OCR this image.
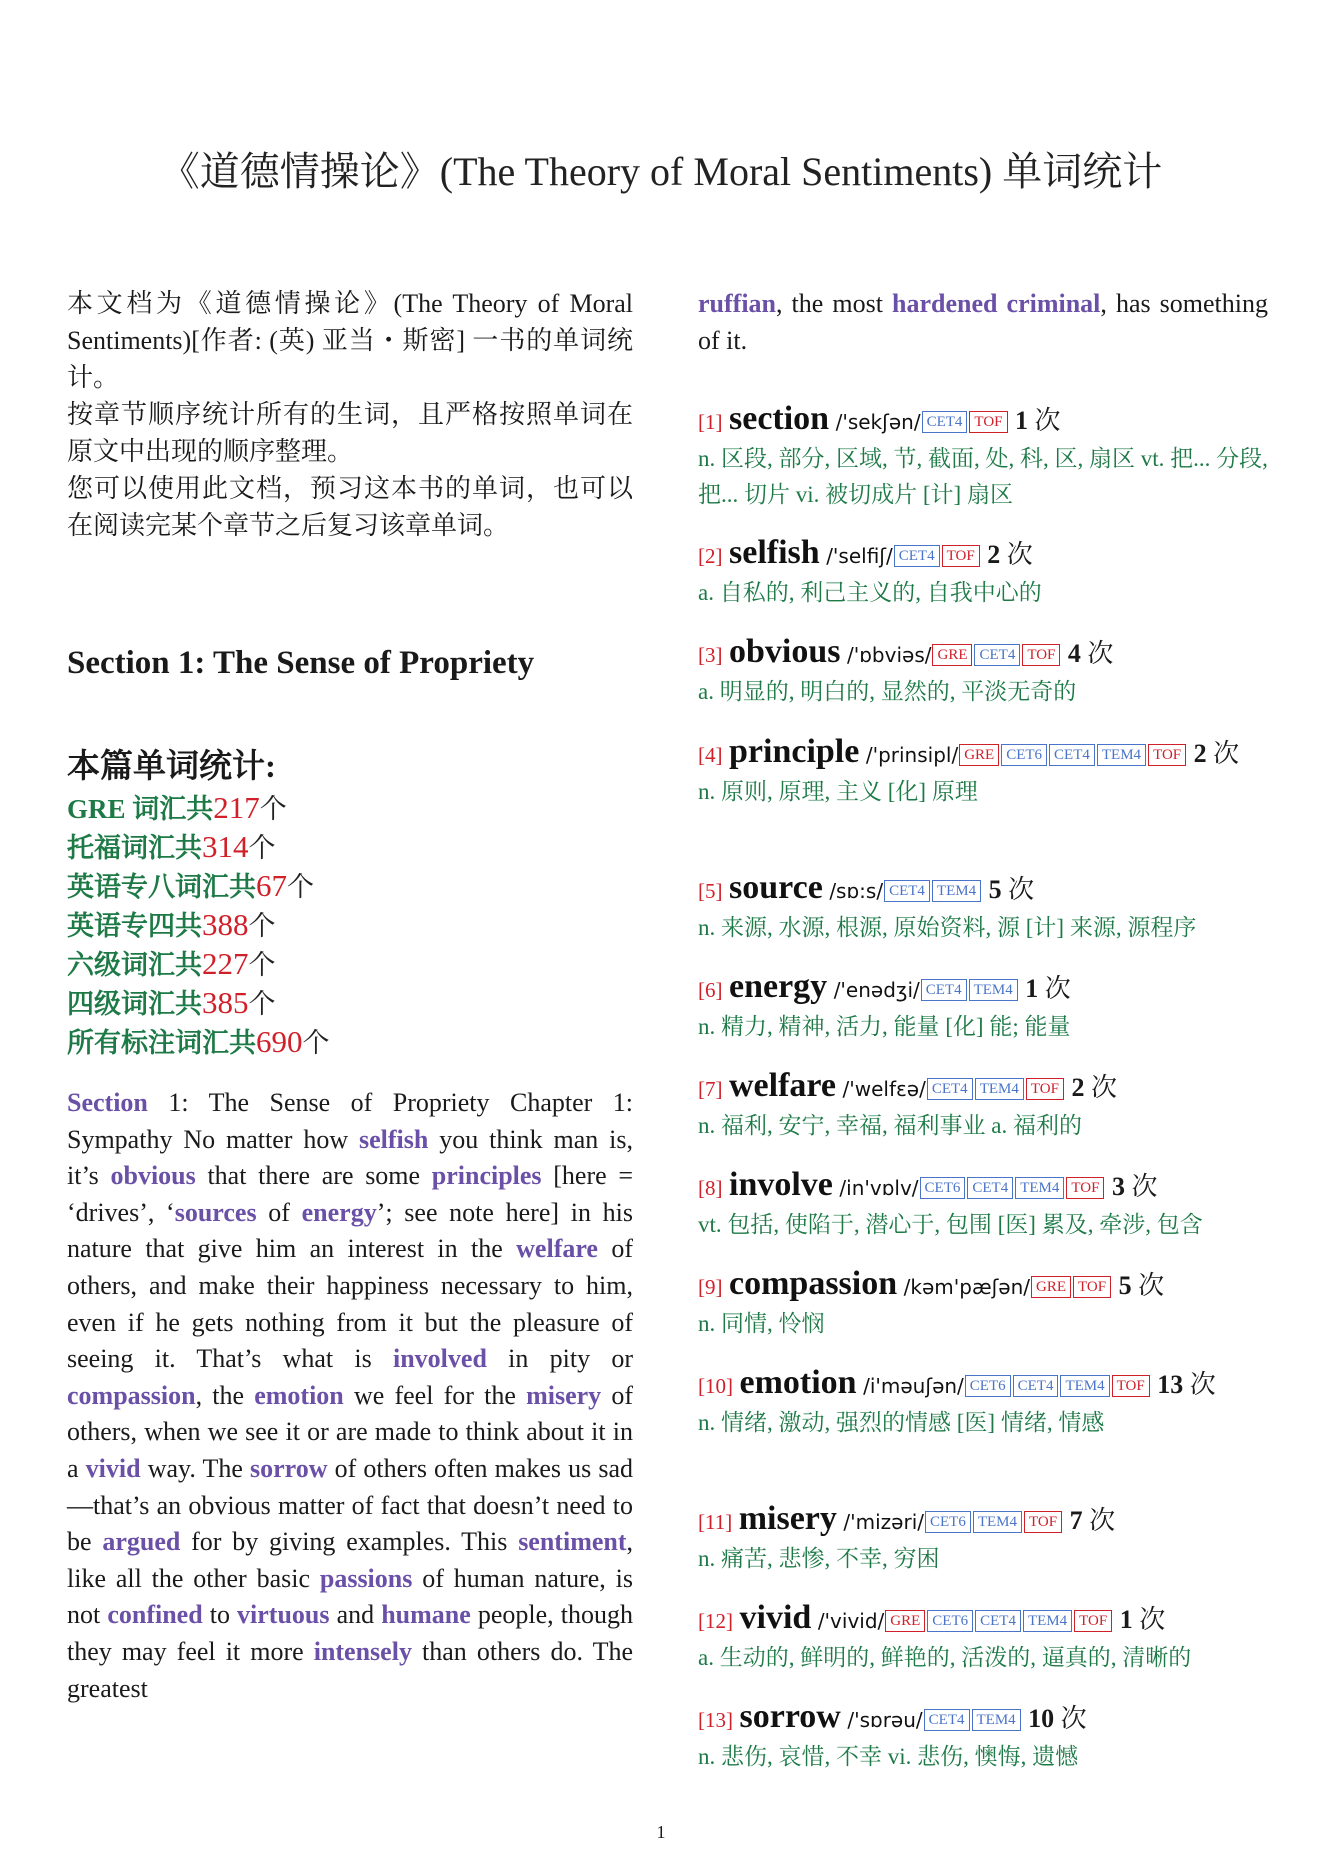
《道德情操论》(The Theory of Moral Sentiments) 单词统计

本文档为《道德情操论》(The Theory of Moral Sentiments)[作者: (英) 亚当・斯密] 一书的单词统计。

按章节顺序统计所有的生词，且严格按照单词在原文中出现的顺序整理。

您可以使用此文档，预习这本书的单词，也可以在阅读完某个章节之后复习该章单词。

Section 1: The Sense of Propriety
本篇单词统计:
GRE 词汇共217个
托福词汇共314个
英语专八词汇共67个
英语专四共388个
六级词汇共227个
四级词汇共385个
所有标注词汇共690个

Section 1: The Sense of Propriety Chapter 1: Sympathy No matter how selfish you think man is, it’s obvious that there are some principles [here = ‘drives’, ‘sources of energy’; see note here] in his nature that give him an interest in the welfare of others, and make their happiness necessary to him, even if he gets nothing from it but the pleasure of seeing it. That’s what is involved in pity or compassion, the emotion we feel for the misery of others, when we see it or are made to think about it in a vivid way. The sorrow of others often makes us sad—that’s an obvious matter of fact that doesn’t need to be argued for by giving examples. This sentiment, like all the other basic passions of human nature, is not confined to virtuous and humane people, though they may feel it more intensely than others do. The greatest

ruffian, the most hardened criminal, has something of it.

[1] section /'sekʃən/ CET4 TOF 1 次

n. 区段, 部分, 区域, 节, 截面, 处, 科, 区, 扇区 vt. 把... 分段, 把... 切片 vi. 被切成片 [计] 扇区

[2] selfish /'selfiʃ/ CET4 TOF 2 次

a. 自私的, 利己主义的, 自我中心的

[3] obvious /'ɒbviəs/ GRE CET4 TOF 4 次

a. 明显的, 明白的, 显然的, 平淡无奇的

[4] principle /'prinsipl/ GRE CET6 CET4 TEM4 TOF 2 次

n. 原则, 原理, 主义 [化] 原理

[5] source /sɒ:s/ CET4 TEM4 5 次

n. 来源, 水源, 根源, 原始资料, 源 [计] 来源, 源程序

[6] energy /'enədʒi/ CET4 TEM4 1 次

n. 精力, 精神, 活力, 能量 [化] 能; 能量

[7] welfare /'welfɛə/ CET4 TEM4 TOF 2 次

n. 福利, 安宁, 幸福, 福利事业 a. 福利的

[8] involve /in'vɒlv/ CET6 CET4 TEM4 TOF 3 次

vt. 包括, 使陷于, 潜心于, 包围 [医] 累及, 牵涉, 包含

[9] compassion /kəm'pæʃən/ GRE TOF 5 次

n. 同情, 怜悯

[10] emotion /i'məuʃən/ CET6 CET4 TEM4 TOF 13 次

n. 情绪, 激动, 强烈的情感 [医] 情绪, 情感

[11] misery /'mizəri/ CET6 TEM4 TOF 7 次

n. 痛苦, 悲惨, 不幸, 穷困

[12] vivid /'vivid/ GRE CET6 CET4 TEM4 TOF 1 次

a. 生动的, 鲜明的, 鲜艳的, 活泼的, 逼真的, 清晰的

[13] sorrow /'sɒrəu/ CET4 TEM4 10 次

n. 悲伤, 哀惜, 不幸 vi. 悲伤, 懊悔, 遗憾

1
